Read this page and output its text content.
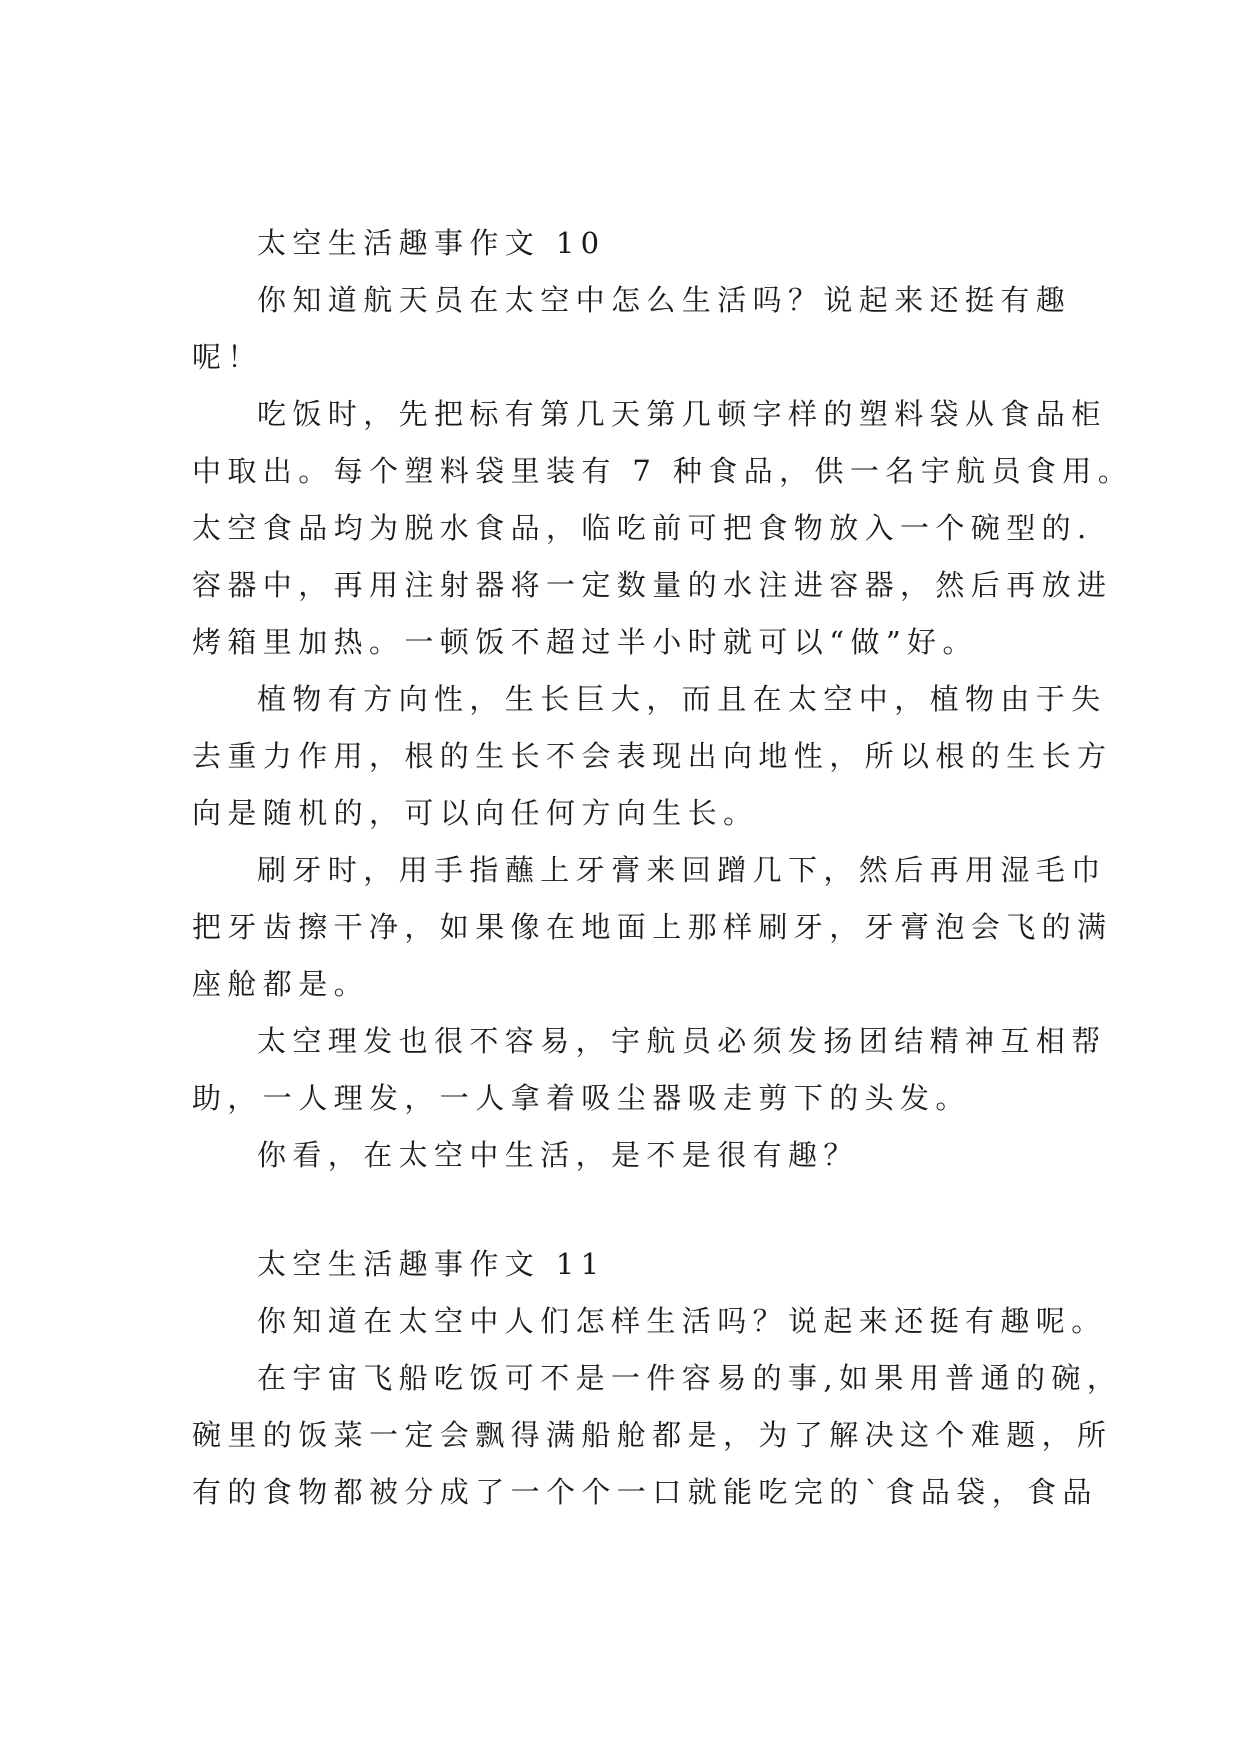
太空生活趣事作文 10

你知道航天员在太空中怎么生活吗？说起来还挺有趣

呢！

吃饭时，先把标有第几天第几顿字样的塑料袋从食品柜

中取出。每个塑料袋里装有 7 种食品，供一名宇航员食用。

太空食品均为脱水食品，临吃前可把食物放入一个碗型的.

容器中，再用注射器将一定数量的水注进容器，然后再放进

烤箱里加热。一顿饭不超过半小时就可以“做”好。

植物有方向性，生长巨大，而且在太空中，植物由于失

去重力作用，根的生长不会表现出向地性，所以根的生长方

向是随机的，可以向任何方向生长。

刷牙时，用手指蘸上牙膏来回蹭几下，然后再用湿毛巾

把牙齿擦干净，如果像在地面上那样刷牙，牙膏泡会飞的满

座舱都是。

太空理发也很不容易，宇航员必须发扬团结精神互相帮

助，一人理发，一人拿着吸尘器吸走剪下的头发。

你看，在太空中生活，是不是很有趣？

太空生活趣事作文 11

你知道在太空中人们怎样生活吗？说起来还挺有趣呢。

在宇宙飞船吃饭可不是一件容易的事,如果用普通的碗，

碗里的饭菜一定会飘得满船舱都是，为了解决这个难题，所

有的食物都被分成了一个个一口就能吃完的`食品袋，食品
